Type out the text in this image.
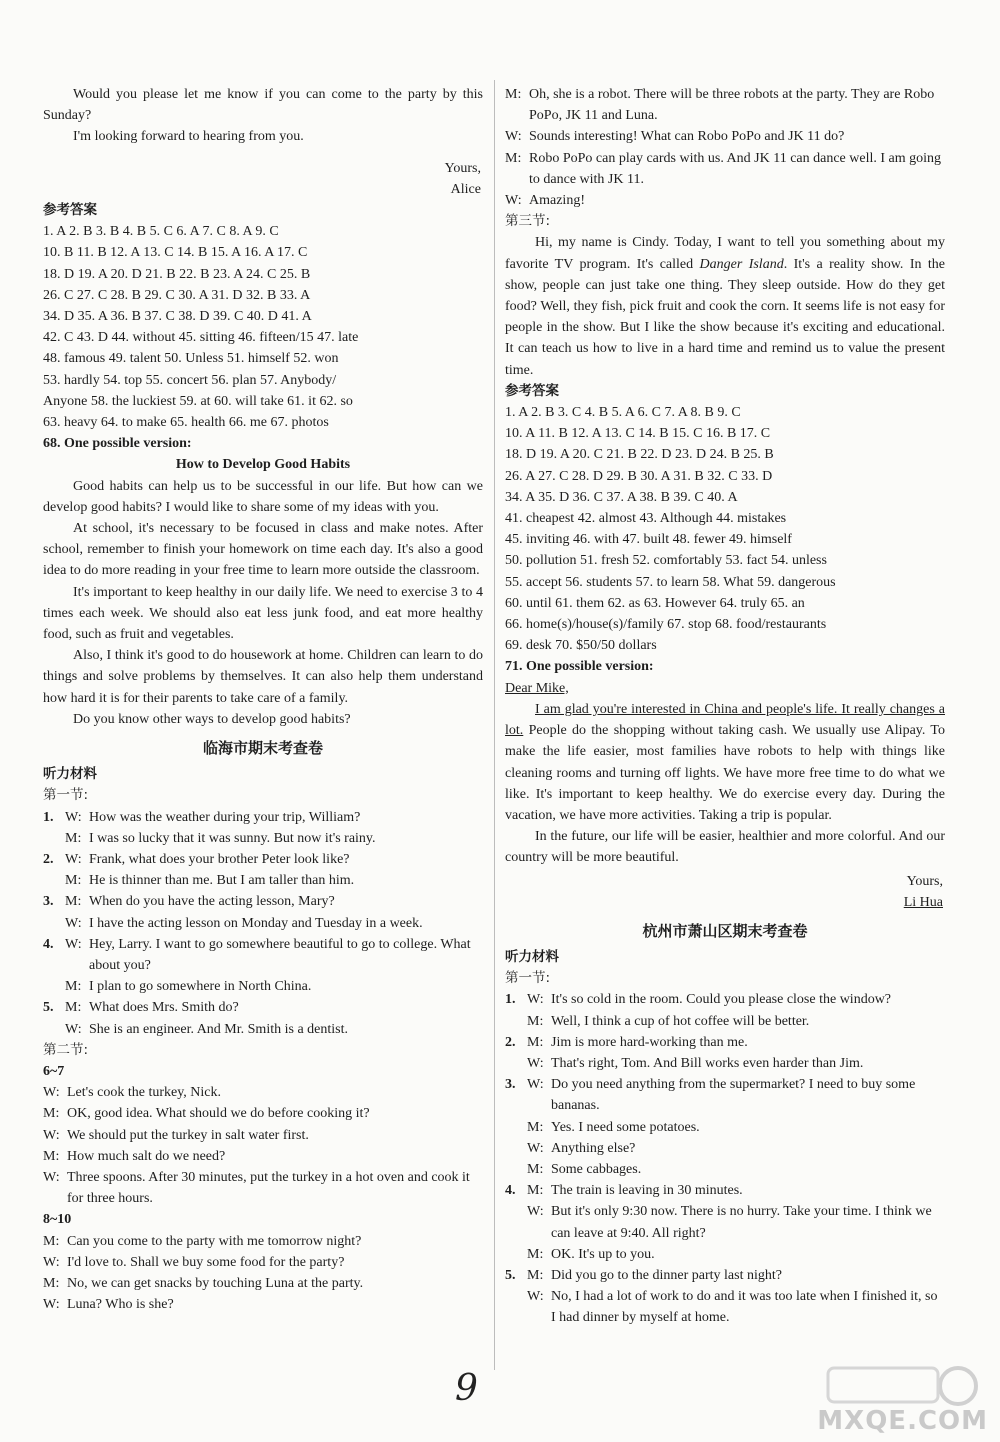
Would you please let me know if you can come to the party by this Sunday?

I'm looking forward to hearing from you.

Yours,

Alice

参考答案

1. A 2. B 3. B 4. B 5. C 6. A 7. C 8. A 9. C

10. B 11. B 12. A 13. C 14. B 15. A 16. A 17. C

18. D 19. A 20. D 21. B 22. B 23. A 24. C 25. B

26. C 27. C 28. B 29. C 30. A 31. D 32. B 33. A

34. D 35. A 36. B 37. C 38. D 39. C 40. D 41. A

42. C 43. D 44. without 45. sitting 46. fifteen/15 47. late

48. famous 49. talent 50. Unless 51. himself 52. won

53. hardly 54. top 55. concert 56. plan 57. Anybody/

Anyone 58. the luckiest 59. at 60. will take 61. it 62. so

63. heavy 64. to make 65. health 66. me 67. photos

68. One possible version:

How to Develop Good Habits

Good habits can help us to be successful in our life. But how can we develop good habits? I would like to share some of my ideas with you.

At school, it's necessary to be focused in class and make notes. After school, remember to finish your homework on time each day. It's also a good idea to do more reading in your free time to learn more outside the classroom.

It's important to keep healthy in our daily life. We need to exercise 3 to 4 times each week. We should also eat less junk food, and eat more healthy food, such as fruit and vegetables.

Also, I think it's good to do housework at home. Children can learn to do things and solve problems by themselves. It can also help them understand how hard it is for their parents to take care of a family.

Do you know other ways to develop good habits?

临海市期末考查卷

听力材料

第一节:

1. W: How was the weather during your trip, William?
M: I was so lucky that it was sunny. But now it's rainy.
2. W: Frank, what does your brother Peter look like?
M: He is thinner than me. But I am taller than him.
3. M: When do you have the acting lesson, Mary?
W: I have the acting lesson on Monday and Tuesday in a week.
4. W: Hey, Larry. I want to go somewhere beautiful to go to college. What about you?
M: I plan to go somewhere in North China.
5. M: What does Mrs. Smith do?
W: She is an engineer. And Mr. Smith is a dentist.

第二节:

6~7

W: Let's cook the turkey, Nick.
M: OK, good idea. What should we do before cooking it?
W: We should put the turkey in salt water first.
M: How much salt do we need?
W: Three spoons. After 30 minutes, put the turkey in a hot oven and cook it for three hours.

8~10

M: Can you come to the party with me tomorrow night?
W: I'd love to. Shall we buy some food for the party?
M: No, we can get snacks by touching Luna at the party.
W: Luna? Who is she?
M: Oh, she is a robot. There will be three robots at the party. They are Robo PoPo, JK 11 and Luna.
W: Sounds interesting! What can Robo PoPo and JK 11 do?
M: Robo PoPo can play cards with us. And JK 11 can dance well. I am going to dance with JK 11.
W: Amazing!

第三节:

Hi, my name is Cindy. Today, I want to tell you something about my favorite TV program. It's called Danger Island. It's a reality show. In the show, people can just take one thing. They sleep outside. How do they get food? Well, they fish, pick fruit and cook the corn. It seems life is not easy for people in the show. But I like the show because it's exciting and educational. It can teach us how to live in a hard time and remind us to value the present time.

参考答案

1. A 2. B 3. C 4. B 5. A 6. C 7. A 8. B 9. C

10. A 11. B 12. A 13. C 14. B 15. C 16. B 17. C

18. D 19. A 20. C 21. B 22. D 23. D 24. B 25. B

26. A 27. C 28. D 29. B 30. A 31. B 32. C 33. D

34. A 35. D 36. C 37. A 38. B 39. C 40. A

41. cheapest 42. almost 43. Although 44. mistakes

45. inviting 46. with 47. built 48. fewer 49. himself

50. pollution 51. fresh 52. comfortably 53. fact 54. unless

55. accept 56. students 57. to learn 58. What 59. dangerous

60. until 61. them 62. as 63. However 64. truly 65. an

66. home(s)/house(s)/family 67. stop 68. food/restaurants

69. desk 70. $50/50 dollars

71. One possible version:

Dear Mike,

I am glad you're interested in China and people's life. It really changes a lot. People do the shopping without taking cash. We usually use Alipay. To make the life easier, most families have robots to help with things like cleaning rooms and turning off lights. We have more free time to do what we like. It's important to keep healthy. We do exercise every day. During the vacation, we have more activities. Taking a trip is popular.

In the future, our life will be easier, healthier and more colorful. And our country will be more beautiful.

Yours,

Li Hua

杭州市萧山区期末考查卷

听力材料

第一节:

1. W: It's so cold in the room. Could you please close the window?
M: Well, I think a cup of hot coffee will be better.
2. M: Jim is more hard-working than me.
W: That's right, Tom. And Bill works even harder than Jim.
3. W: Do you need anything from the supermarket? I need to buy some bananas.
M: Yes. I need some potatoes.
W: Anything else?
M: Some cabbages.
4. M: The train is leaving in 30 minutes.
W: But it's only 9:30 now. There is no hurry. Take your time. I think we can leave at 9:40. All right?
M: OK. It's up to you.
5. M: Did you go to the dinner party last night?
W: No, I had a lot of work to do and it was too late when I finished it, so I had dinner by myself at home.
9
MXQE.COM
